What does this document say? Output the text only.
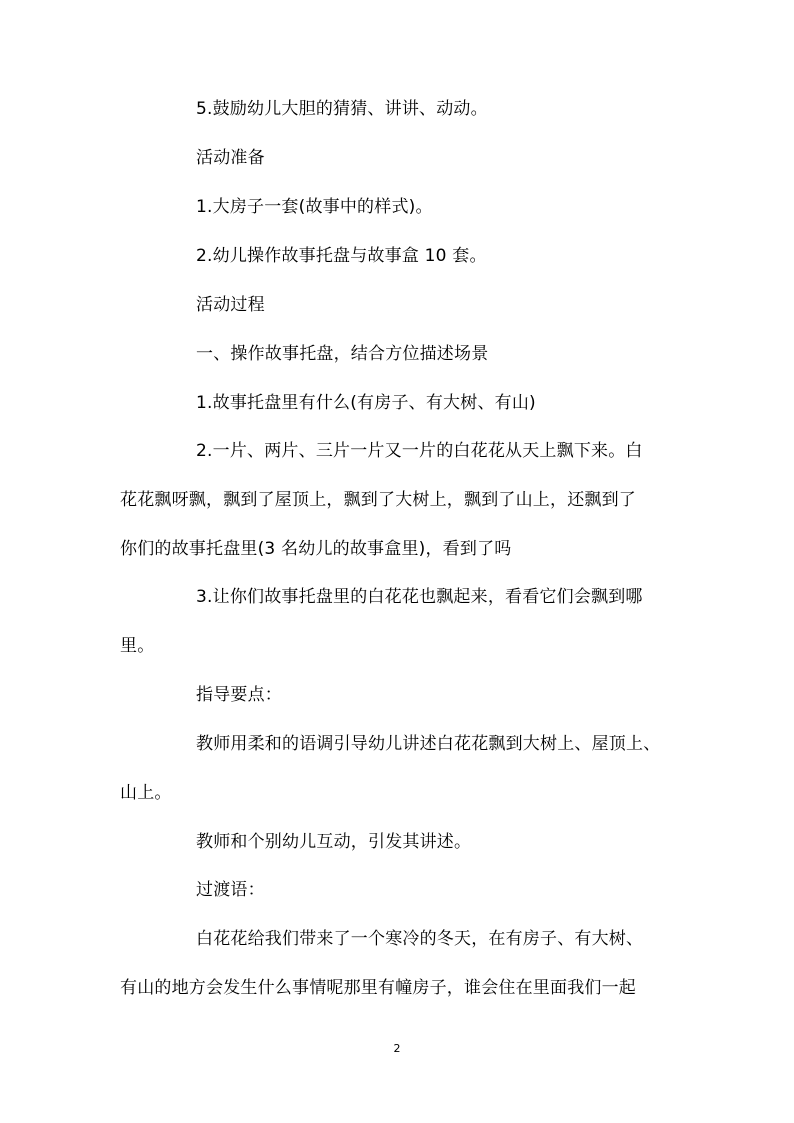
5.鼓励幼儿大胆的猜猜、讲讲、动动。
活动准备
1.大房子一套(故事中的样式)。
2.幼儿操作故事托盘与故事盒 10 套。
活动过程
一、操作故事托盘，结合方位描述场景
1.故事托盘里有什么(有房子、有大树、有山)
2.一片、两片、三片一片又一片的白花花从天上飘下来。白
花花飘呀飘，飘到了屋顶上，飘到了大树上，飘到了山上，还飘到了
你们的故事托盘里(3 名幼儿的故事盒里)，看到了吗
3.让你们故事托盘里的白花花也飘起来，看看它们会飘到哪
里。
指导要点：
教师用柔和的语调引导幼儿讲述白花花飘到大树上、屋顶上、
山上。
教师和个别幼儿互动，引发其讲述。
过渡语：
白花花给我们带来了一个寒冷的冬天，在有房子、有大树、
有山的地方会发生什么事情呢那里有幢房子，谁会住在里面我们一起
2
